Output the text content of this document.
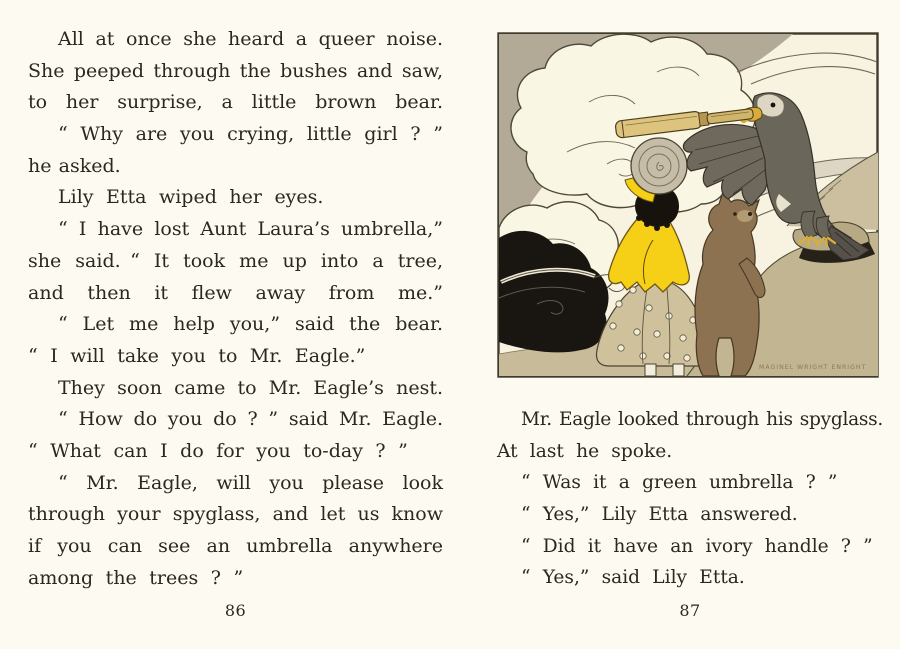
All at once she heard a queer noise.
She peeped through the bushes and saw,
to her surprise, a little brown bear.
“ Why are you crying, little girl ? ”
he asked.
Lily Etta wiped her eyes.
“ I have lost Aunt Laura’s umbrella,”
she said. “ It took me up into a tree,
and then it flew away from me.”
“ Let me help you,” said the bear.
“ I will take you to Mr. Eagle.”
They soon came to Mr. Eagle’s nest.
“ How do you do ? ” said Mr. Eagle.
“ What can I do for you to-day ? ”
“ Mr. Eagle, will you please look
through your spyglass, and let us know
if you can see an umbrella anywhere
among the trees ? ”
86
MAGINEL WRIGHT ENRIGHT
Mr. Eagle looked through his spyglass.
At last he spoke.
“ Was it a green umbrella ? ”
“ Yes,” Lily Etta answered.
“ Did it have an ivory handle ? ”
“ Yes,” said Lily Etta.
87
